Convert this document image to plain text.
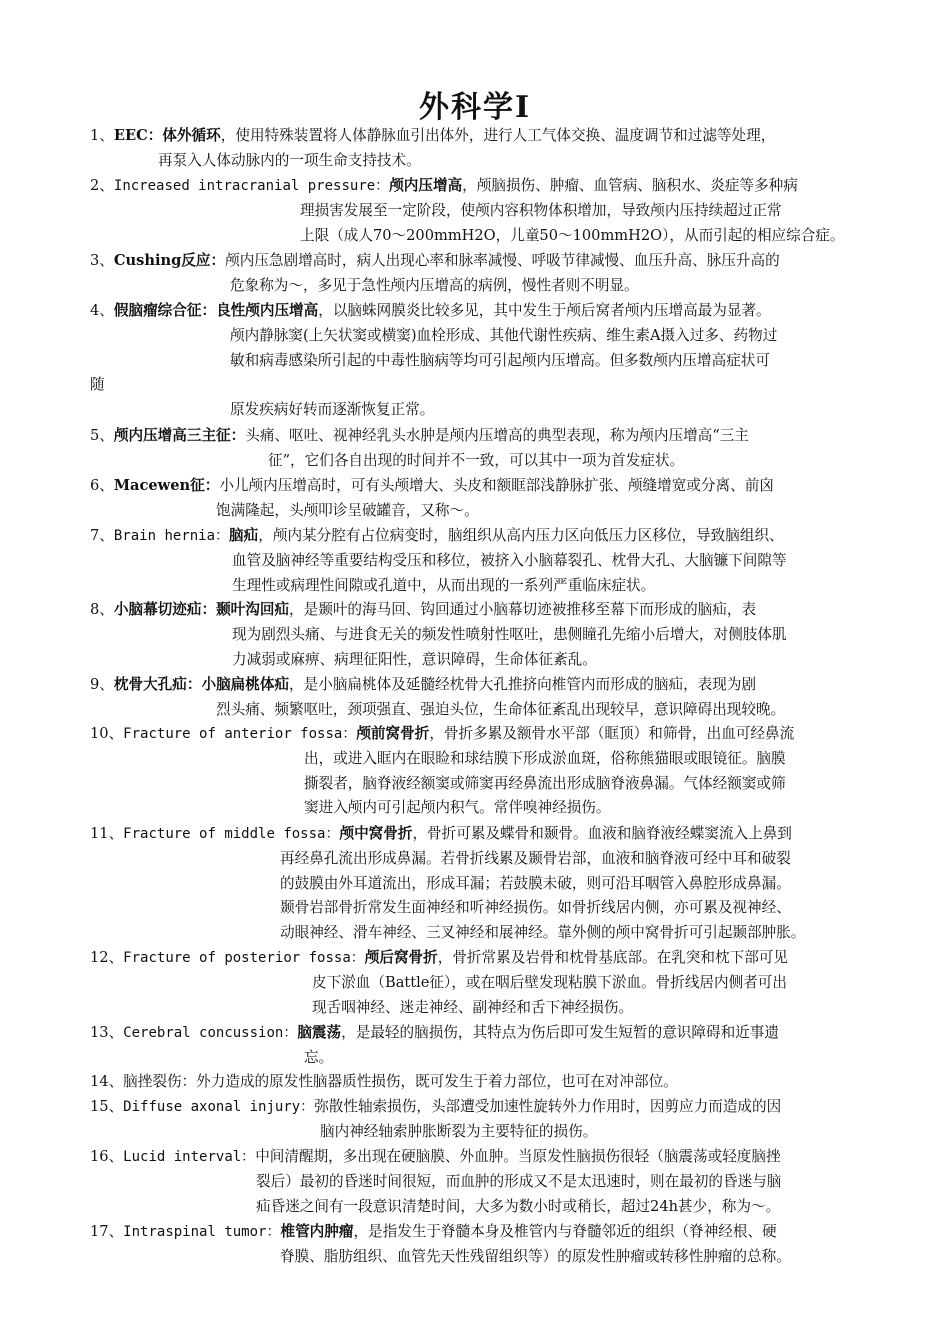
外科学Ⅰ
1、EEC：体外循环，使用特殊装置将人体静脉血引出体外，进行人工气体交换、温度调节和过滤等处理，
再泵入人体动脉内的一项生命支持技术。
2、Increased intracranial pressure：颅内压增高，颅脑损伤、肿瘤、血管病、脑积水、炎症等多种病
理损害发展至一定阶段，使颅内容积物体积增加，导致颅内压持续超过正常
上限（成人70～200mmH2O，儿童50～100mmH2O），从而引起的相应综合症。
3、Cushing反应：颅内压急剧增高时，病人出现心率和脉率减慢、呼吸节律减慢、血压升高、脉压升高的
危象称为～，多见于急性颅内压增高的病例，慢性者则不明显。
4、假脑瘤综合征：良性颅内压增高，以脑蛛网膜炎比较多见，其中发生于颅后窝者颅内压增高最为显著。
颅内静脉窦(上矢状窦或横窦)血栓形成、其他代谢性疾病、维生素A摄入过多、药物过
敏和病毒感染所引起的中毒性脑病等均可引起颅内压增高。但多数颅内压增高症状可
随
原发疾病好转而逐渐恢复正常。
5、颅内压增高三主征：头痛、呕吐、视神经乳头水肿是颅内压增高的典型表现，称为颅内压增高“三主
征”，它们各自出现的时间并不一致，可以其中一项为首发症状。
6、Macewen征：小儿颅内压增高时，可有头颅增大、头皮和额眶部浅静脉扩张、颅缝增宽或分离、前囟
饱满隆起，头颅叩诊呈破罐音，又称～。
7、Brain hernia：脑疝，颅内某分腔有占位病变时，脑组织从高内压力区向低压力区移位，导致脑组织、
血管及脑神经等重要结构受压和移位，被挤入小脑幕裂孔、枕骨大孔、大脑镰下间隙等
生理性或病理性间隙或孔道中，从而出现的一系列严重临床症状。
8、小脑幕切迹疝：颞叶沟回疝，是颞叶的海马回、钩回通过小脑幕切迹被推移至幕下而形成的脑疝，表
现为剧烈头痛、与进食无关的频发性喷射性呕吐，患侧瞳孔先缩小后增大，对侧肢体肌
力减弱或麻痹、病理征阳性，意识障碍，生命体征紊乱。
9、枕骨大孔疝：小脑扁桃体疝，是小脑扁桃体及延髓经枕骨大孔推挤向椎管内而形成的脑疝，表现为剧
烈头痛、频繁呕吐，颈项强直、强迫头位，生命体征紊乱出现较早，意识障碍出现较晚。
10、Fracture of anterior fossa：颅前窝骨折，骨折多累及额骨水平部（眶顶）和筛骨，出血可经鼻流
出，或进入眶内在眼睑和球结膜下形成淤血斑，俗称熊猫眼或眼镜征。脑膜
撕裂者，脑脊液经额窦或筛窦再经鼻流出形成脑脊液鼻漏。气体经额窦或筛
窦进入颅内可引起颅内积气。常伴嗅神经损伤。
11、Fracture of middle fossa：颅中窝骨折，骨折可累及蝶骨和颞骨。血液和脑脊液经蝶窦流入上鼻到
再经鼻孔流出形成鼻漏。若骨折线累及颞骨岩部，血液和脑脊液可经中耳和破裂
的鼓膜由外耳道流出，形成耳漏；若鼓膜未破，则可沿耳咽管入鼻腔形成鼻漏。
颞骨岩部骨折常发生面神经和听神经损伤。如骨折线居内侧，亦可累及视神经、
动眼神经、滑车神经、三叉神经和展神经。靠外侧的颅中窝骨折可引起颞部肿胀。
12、Fracture of posterior fossa：颅后窝骨折，骨折常累及岩骨和枕骨基底部。在乳突和枕下部可见
皮下淤血（Battle征），或在咽后壁发现粘膜下淤血。骨折线居内侧者可出
现舌咽神经、迷走神经、副神经和舌下神经损伤。
13、Cerebral concussion：脑震荡，是最轻的脑损伤，其特点为伤后即可发生短暂的意识障碍和近事遗
忘。
14、脑挫裂伤：外力造成的原发性脑器质性损伤，既可发生于着力部位，也可在对冲部位。
15、Diffuse axonal injury：弥散性轴索损伤，头部遭受加速性旋转外力作用时，因剪应力而造成的因
脑内神经轴索肿胀断裂为主要特征的损伤。
16、Lucid interval：中间清醒期，多出现在硬脑膜、外血肿。当原发性脑损伤很轻（脑震荡或轻度脑挫
裂后）最初的昏迷时间很短，而血肿的形成又不是太迅速时，则在最初的昏迷与脑
疝昏迷之间有一段意识清楚时间，大多为数小时或稍长，超过24h甚少，称为～。
17、Intraspinal tumor：椎管内肿瘤，是指发生于脊髓本身及椎管内与脊髓邻近的组织（脊神经根、硬
脊膜、脂肪组织、血管先天性残留组织等）的原发性肿瘤或转移性肿瘤的总称。
